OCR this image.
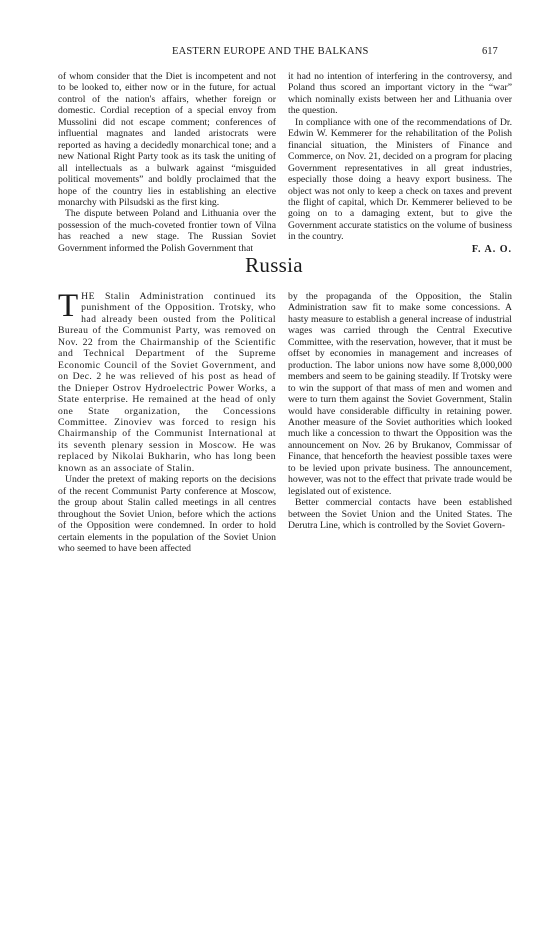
EASTERN EUROPE AND THE BALKANS	617

of whom consider that the Diet is incompetent and not to be looked to, either now or in the future, for actual control of the nation's affairs, whether foreign or domestic. Cordial reception of a special envoy from Mussolini did not escape comment; conferences of influential magnates and landed aristocrats were reported as having a decidedly monarchical tone; and a new National Right Party took as its task the uniting of all intellectuals as a bulwark against “misguided political movements” and boldly proclaimed that the hope of the country lies in establishing an elective monarchy with Pilsudski as the first king.

The dispute between Poland and Lithuania over the possession of the much-coveted frontier town of Vilna has reached a new stage. The Russian Soviet Government informed the Polish Government that

it had no intention of interfering in the controversy, and Poland thus scored an important victory in the “war” which nominally exists between her and Lithuania over the question.

In compliance with one of the recommendations of Dr. Edwin W. Kemmerer for the rehabilitation of the Polish financial situation, the Ministers of Finance and Commerce, on Nov. 21, decided on a program for placing Government representatives in all great industries, especially those doing a heavy export business. The object was not only to keep a check on taxes and prevent the flight of capital, which Dr. Kemmerer believed to be going on to a damaging extent, but to give the Government accurate statistics on the volume of business in the country.

F. A. O.
Russia

THE Stalin Administration continued its punishment of the Opposition. Trotsky, who had already been ousted from the Political Bureau of the Communist Party, was removed on Nov. 22 from the Chairmanship of the Scientific and Technical Department of the Supreme Economic Council of the Soviet Government, and on Dec. 2 he was relieved of his post as head of the Dnieper Ostrov Hydroelectric Power Works, a State enterprise. He remained at the head of only one State organization, the Concessions Committee. Zinoviev was forced to resign his Chairmanship of the Communist International at its seventh plenary session in Moscow. He was replaced by Nikolai Bukharin, who has long been known as an associate of Stalin.

Under the pretext of making reports on the decisions of the recent Communist Party conference at Moscow, the group about Stalin called meetings in all centres throughout the Soviet Union, before which the actions of the Opposition were condemned. In order to hold certain elements in the population of the Soviet Union who seemed to have been affected

by the propaganda of the Opposition, the Stalin Administration saw fit to make some concessions. A hasty measure to establish a general increase of industrial wages was carried through the Central Executive Committee, with the reservation, however, that it must be offset by economies in management and increases of production. The labor unions now have some 8,000,000 members and seem to be gaining steadily. If Trotsky were to win the support of that mass of men and women and were to turn them against the Soviet Government, Stalin would have considerable difficulty in retaining power. Another measure of the Soviet authorities which looked much like a concession to thwart the Opposition was the announcement on Nov. 26 by Brukanov, Commissar of Finance, that henceforth the heaviest possible taxes were to be levied upon private business. The announcement, however, was not to the effect that private trade would be legislated out of existence.

Better commercial contacts have been established between the Soviet Union and the United States. The Derutra Line, which is controlled by the Soviet Govern-
